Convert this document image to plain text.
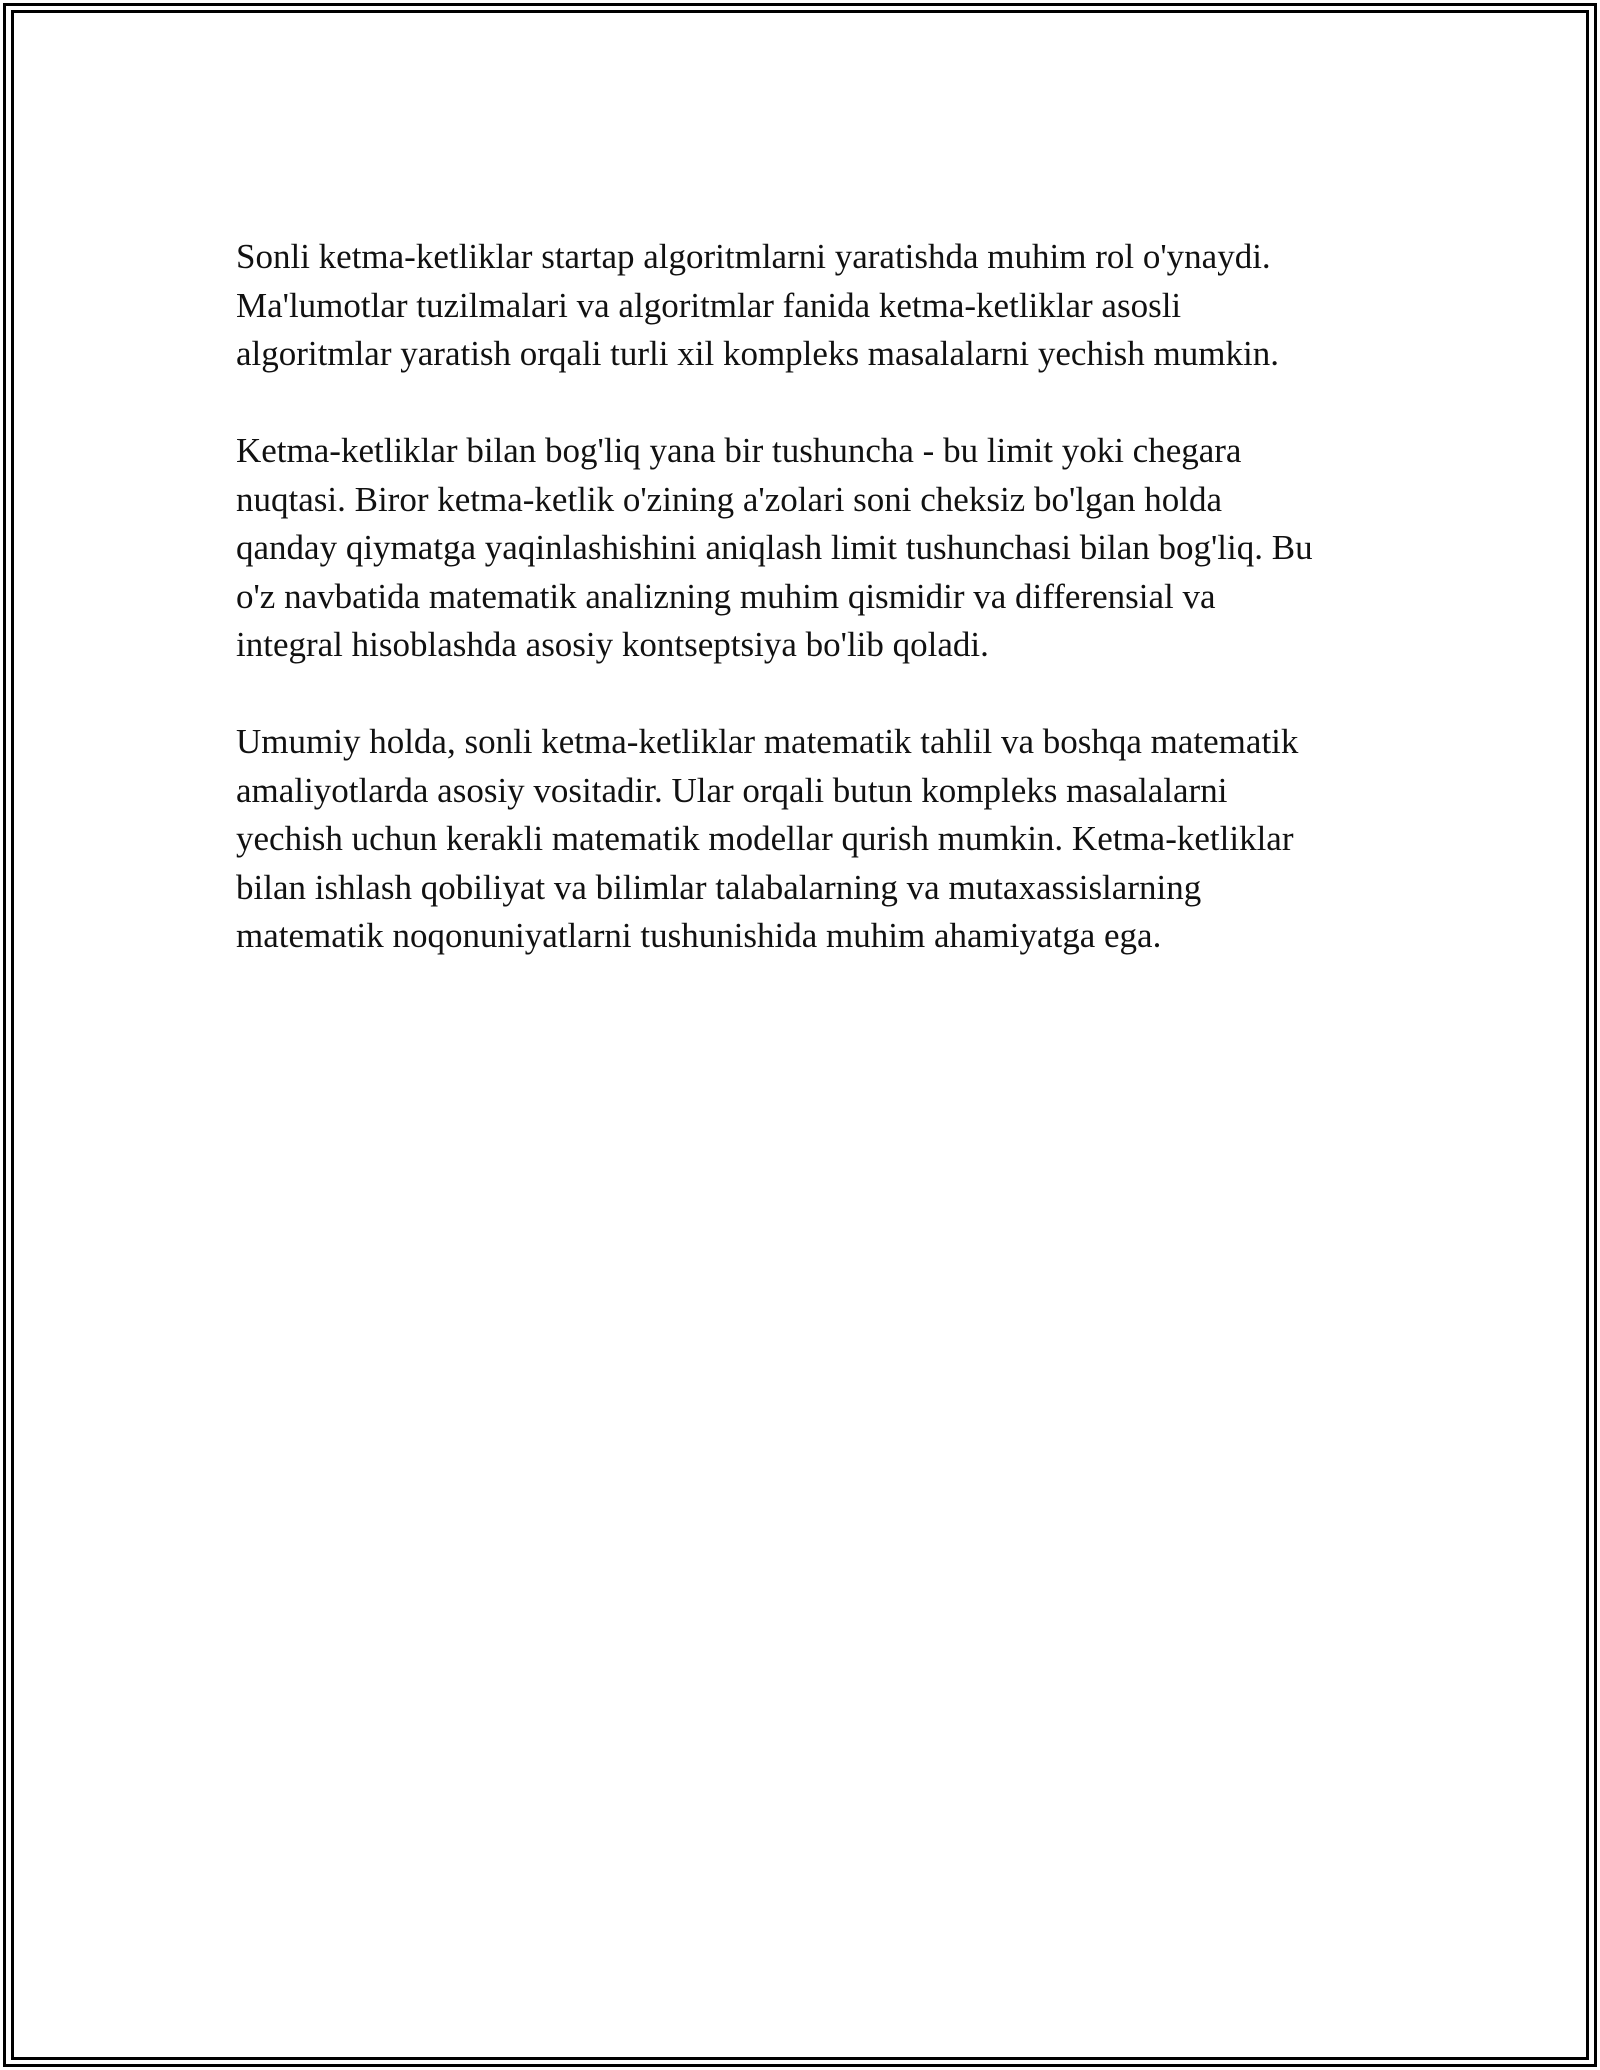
Sonli ketma-ketliklar startap algoritmlarni yaratishda muhim rol o'ynaydi.
Ma'lumotlar tuzilmalari va algoritmlar fanida ketma-ketliklar asosli
algoritmlar yaratish orqali turli xil kompleks masalalarni yechish mumkin.

Ketma-ketliklar bilan bog'liq yana bir tushuncha - bu limit yoki chegara
nuqtasi. Biror ketma-ketlik o'zining a'zolari soni cheksiz bo'lgan holda
qanday qiymatga yaqinlashishini aniqlash limit tushunchasi bilan bog'liq. Bu
o'z navbatida matematik analizning muhim qismidir va differensial va
integral hisoblashda asosiy kontseptsiya bo'lib qoladi.

Umumiy holda, sonli ketma-ketliklar matematik tahlil va boshqa matematik
amaliyotlarda asosiy vositadir. Ular orqali butun kompleks masalalarni
yechish uchun kerakli matematik modellar qurish mumkin. Ketma-ketliklar
bilan ishlash qobiliyat va bilimlar talabalarning va mutaxassislarning
matematik noqonuniyatlarni tushunishida muhim ahamiyatga ega.
